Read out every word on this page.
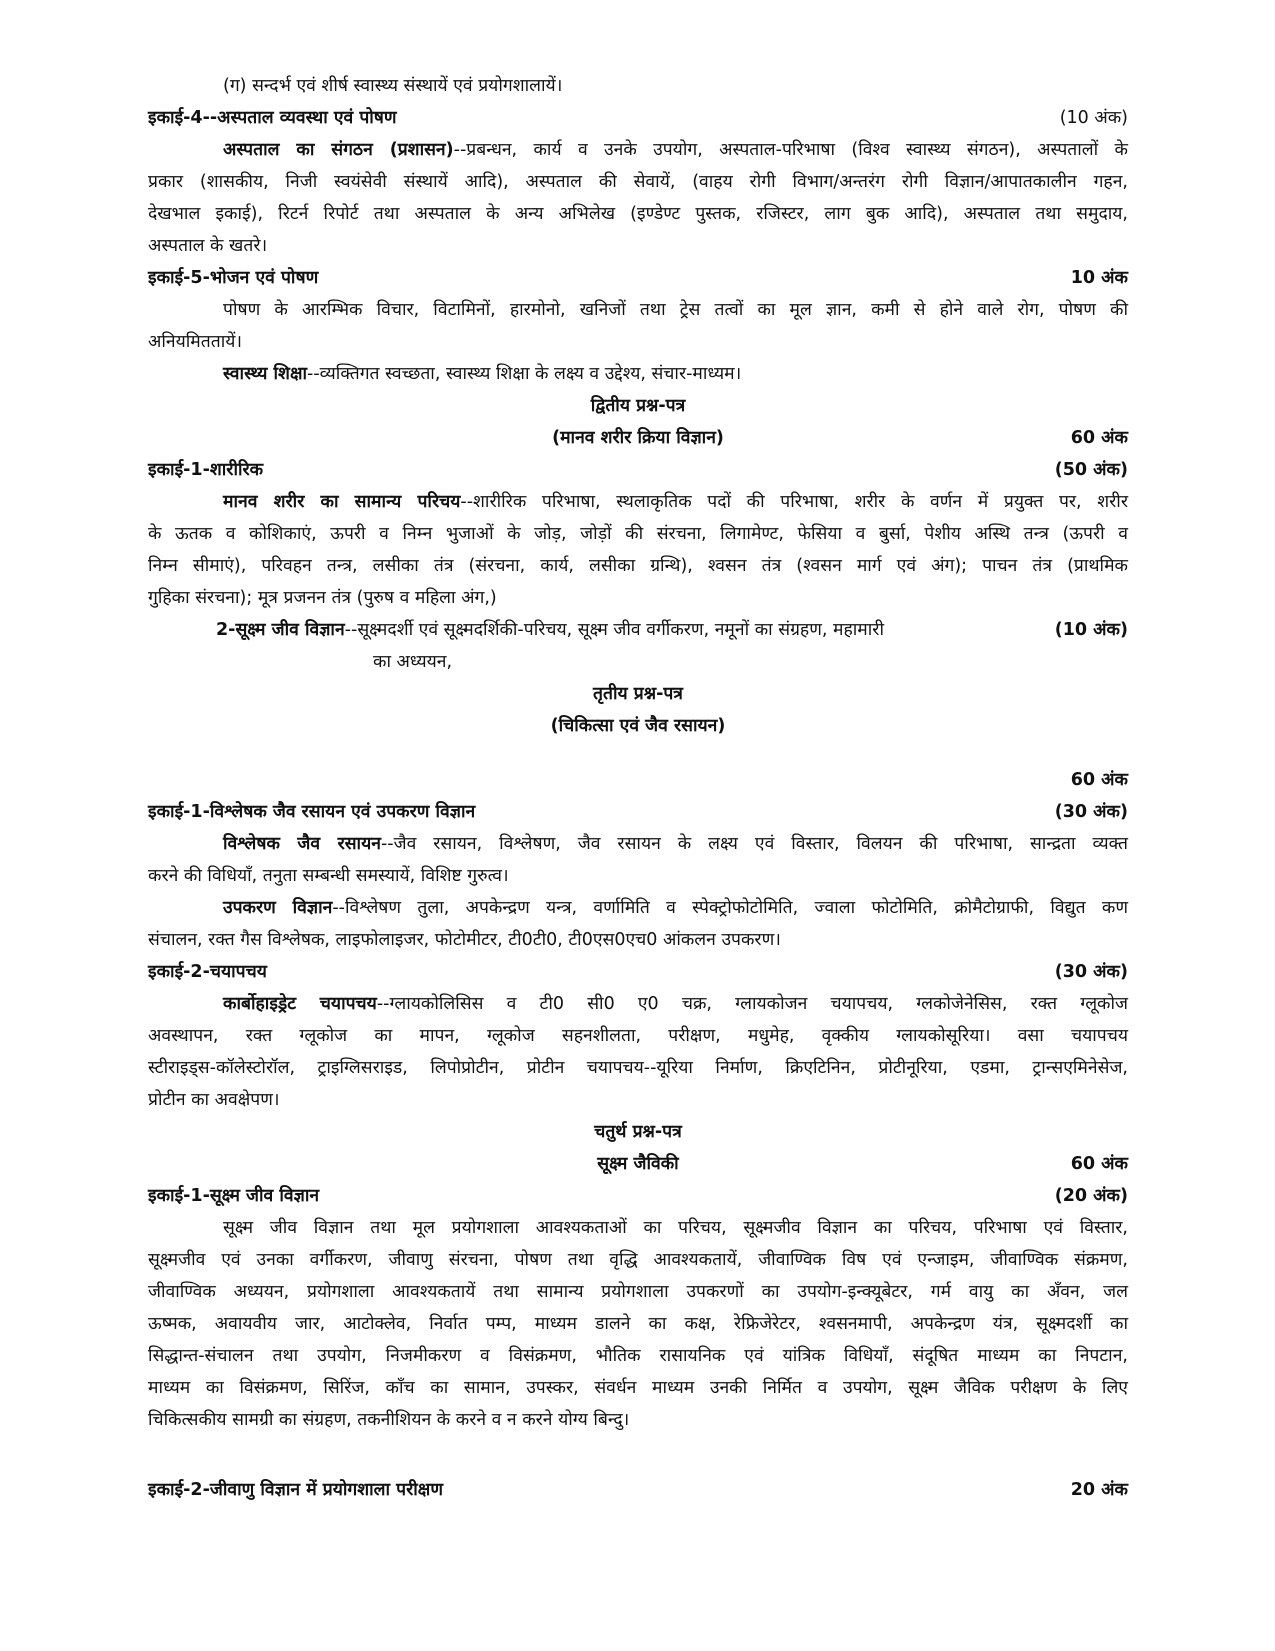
(ग) सन्दर्भ एवं शीर्ष स्वास्थ्य संस्थायें एवं प्रयोगशालायें।
इकाई-4--अस्पताल व्यवस्था एवं पोषण	(10 अंक)
अस्पताल का संगठन (प्रशासन)--प्रबन्धन, कार्य व उनके उपयोग, अस्पताल-परिभाषा (विश्व स्वास्थ्य संगठन), अस्पतालों के
प्रकार (शासकीय, निजी स्वयंसेवी संस्थायें आदि), अस्पताल की सेवायें, (वाहय रोगी विभाग/अन्तरंग रोगी विज्ञान/आपातकालीन गहन,
देखभाल इकाई), रिटर्न रिपोर्ट तथा अस्पताल के अन्य अभिलेख (इण्डेण्ट पुस्तक, रजिस्टर, लाग बुक आदि), अस्पताल तथा समुदाय,
अस्पताल के खतरे।
इकाई-5-भोजन एवं पोषण	10 अंक
पोषण के आरम्भिक विचार, विटामिनों, हारमोनो, खनिजों तथा ट्रेस तत्वों का मूल ज्ञान, कमी से होने वाले रोग, पोषण की
अनियमिततायें।
स्वास्थ्य शिक्षा--व्यक्तिगत स्वच्छता, स्वास्थ्य शिक्षा के लक्ष्य व उद्देश्य, संचार-माध्यम।
द्वितीय प्रश्न-पत्र
(मानव शरीर क्रिया विज्ञान)	60 अंक
इकाई-1-शारीरिक	(50 अंक)
मानव शरीर का सामान्य परिचय--शारीरिक परिभाषा, स्थलाकृतिक पदों की परिभाषा, शरीर के वर्णन में प्रयुक्त पर, शरीर
के ऊतक व कोशिकाएं, ऊपरी व निम्न भुजाओं के जोड़, जोड़ों की संरचना, लिगामेण्ट, फेसिया व बुर्सा, पेशीय अस्थि तन्त्र (ऊपरी व
निम्न सीमाएं), परिवहन तन्त्र, लसीका तंत्र (संरचना, कार्य, लसीका ग्रन्थि), श्वसन तंत्र (श्वसन मार्ग एवं अंग); पाचन तंत्र (प्राथमिक
गुहिका संरचना); मूत्र प्रजनन तंत्र (पुरुष व महिला अंग,)
2-सूक्ष्म जीव विज्ञान--सूक्ष्मदर्शी एवं सूक्ष्मदर्शिकी-परिचय, सूक्ष्म जीव वर्गीकरण, नमूनों का संग्रहण, महामारी	(10 अंक)
का अध्ययन,
तृतीय प्रश्न-पत्र
(चिकित्सा एवं जैव रसायन)
60 अंक

इकाई-1-विश्लेषक जैव रसायन एवं उपकरण विज्ञान	(30 अंक)
विश्लेषक जैव रसायन--जैव रसायन, विश्लेषण, जैव रसायन के लक्ष्य एवं विस्तार, विलयन की परिभाषा, सान्द्रता व्यक्त
करने की विधियाँ, तनुता सम्बन्धी समस्यायें, विशिष्ट गुरुत्व।
उपकरण विज्ञान--विश्लेषण तुला, अपकेन्द्रण यन्त्र, वर्णामिति व स्पेक्ट्रोफोटोमिति, ज्वाला फोटोमिति, क्रोमैटोग्राफी, विद्युत कण
संचालन, रक्त गैस विश्लेषक, लाइफोलाइजर, फोटोमीटर, टी0टी0, टी0एस0एच0 आंकलन उपकरण।
इकाई-2-चयापचय	(30 अंक)
कार्बोहाइड्रेट चयापचय--ग्लायकोलिसिस व टी0 सी0 ए0 चक्र, ग्लायकोजन चयापचय, ग्लकोजेनेसिस, रक्त ग्लूकोज
अवस्थापन, रक्त ग्लूकोज का मापन, ग्लूकोज सहनशीलता, परीक्षण, मधुमेह, वृक्कीय ग्लायकोसूरिया। वसा चयापचय
स्टीराइड्स-कॉलेस्टोरॉल, ट्राइग्लिसराइड, लिपोप्रोटीन, प्रोटीन चयापचय--यूरिया निर्माण, क्रिएटिनिन, प्रोटीनूरिया, एडमा, ट्रान्सएमिनेसेज,
प्रोटीन का अवक्षेपण।
चतुर्थ प्रश्न-पत्र
सूक्ष्म जैविकी	60 अंक
इकाई-1-सूक्ष्म जीव विज्ञान	(20 अंक)
सूक्ष्म जीव विज्ञान तथा मूल प्रयोगशाला आवश्यकताओं का परिचय, सूक्ष्मजीव विज्ञान का परिचय, परिभाषा एवं विस्तार,
सूक्ष्मजीव एवं उनका वर्गीकरण, जीवाणु संरचना, पोषण तथा वृद्धि आवश्यकतायें, जीवाण्विक विष एवं एन्जाइम, जीवाण्विक संक्रमण,
जीवाण्विक अध्ययन, प्रयोगशाला आवश्यकतायें तथा सामान्य प्रयोगशाला उपकरणों का उपयोग-इन्क्यूबेटर, गर्म वायु का अँवन, जल
ऊष्मक, अवायवीय जार, आटोक्लेव, निर्वात पम्प, माध्यम डालने का कक्ष, रेफ्रिजेरेटर, श्वसनमापी, अपकेन्द्रण यंत्र, सूक्ष्मदर्शी का
सिद्धान्त-संचालन तथा उपयोग, निजमीकरण व विसंक्रमण, भौतिक रासायनिक एवं यांत्रिक विधियाँ, संदूषित माध्यम का निपटान,
माध्यम का विसंक्रमण, सिरिंज, काँच का सामान, उपस्कर, संवर्धन माध्यम उनकी निर्मित व उपयोग, सूक्ष्म जैविक परीक्षण के लिए
चिकित्सकीय सामग्री का संग्रहण, तकनीशियन के करने व न करने योग्य बिन्दु।
इकाई-2-जीवाणु विज्ञान में प्रयोगशाला परीक्षण	20 अंक
